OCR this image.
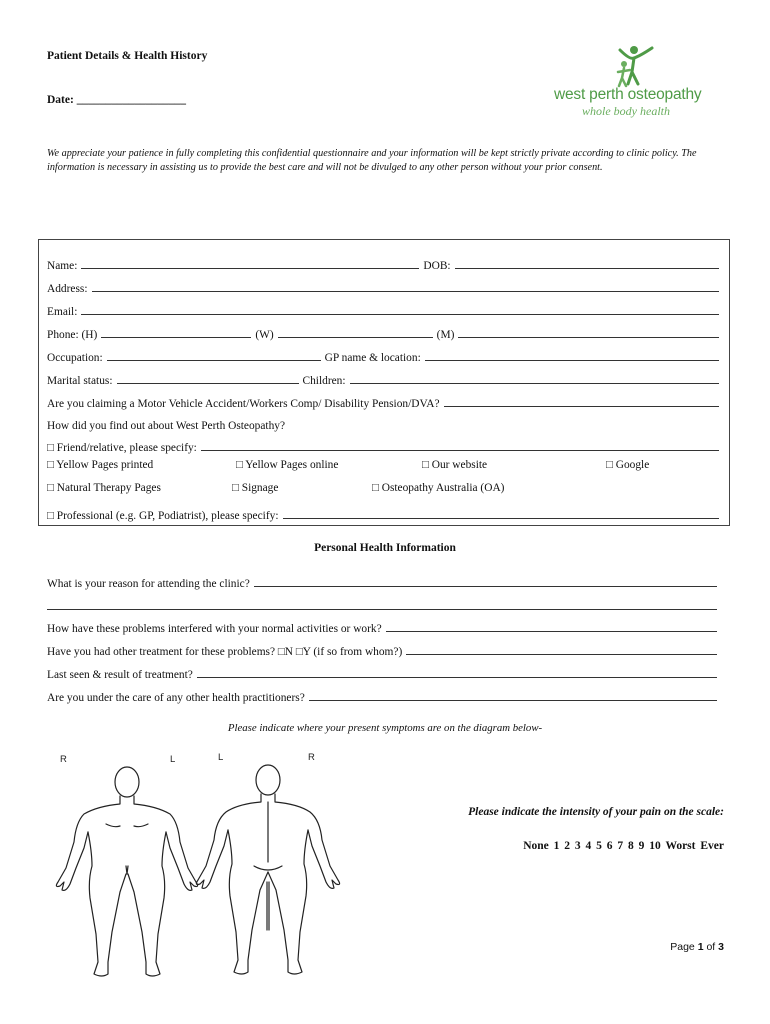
Patient Details & Health History
Date: ___________________	west perth osteopathy
whole body health
We appreciate your patience in fully completing this confidential questionnaire and your information will be kept strictly private according to clinic policy. The information is necessary in assisting us to provide the best care and will not be divulged to any other person without your prior consent.
Name:	DOB:
Address:
Email:
Phone: (H)	(W)	(M)
Occupation:	GP name & location:
Marital status:	Children:
Are you claiming a Motor Vehicle Accident/Workers Comp/ Disability Pension/DVA?
How did you find out about West Perth Osteopathy?
□ Friend/relative, please specify:
□ Yellow Pages printed	□ Yellow Pages online	□ Our website	□ Google
□ Natural Therapy Pages	□ Signage	□ Osteopathy Australia (OA)
□ Professional (e.g. GP, Podiatrist), please specify:
Personal Health Information
What is your reason for attending the clinic?
How have these problems interfered with your normal activities or work?
Have you had other treatment for these problems? □N □Y (if so from whom?)
Last seen & result of treatment?
Are you under the care of any other health practitioners?
Please indicate where your present symptoms are on the diagram below-
R	L	L	R
Please indicate the intensity of your pain on the scale:
None 1 2 3 4 5 6 7 8 9 10 Worst Ever
Page 1 of 3
